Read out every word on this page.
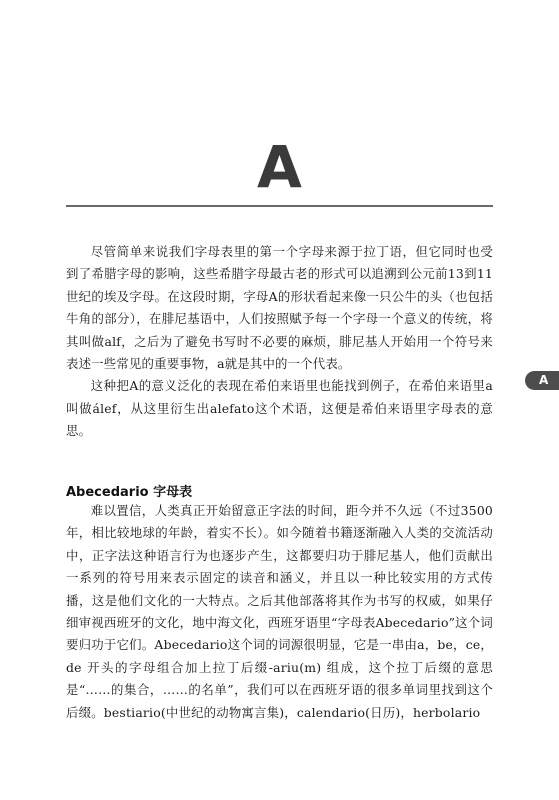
A
A

尽管简单来说我们字母表里的第一个字母来源于拉丁语，但它同时也受到了希腊字母的影响，这些希腊字母最古老的形式可以追溯到公元前13到11世纪的埃及字母。在这段时期，字母A的形状看起来像一只公牛的头（也包括牛角的部分），在腓尼基语中，人们按照赋予每一个字母一个意义的传统，将其叫做alf，之后为了避免书写时不必要的麻烦，腓尼基人开始用一个符号来表述一些常见的重要事物，a就是其中的一个代表。

这种把A的意义泛化的表现在希伯来语里也能找到例子，在希伯来语里a 叫做álef，从这里衍生出alefato这个术语，这便是希伯来语里字母表的意思。

Abecedario 字母表

难以置信，人类真正开始留意正字法的时间，距今并不久远（不过3500年，相比较地球的年龄，着实不长）。如今随着书籍逐渐融入人类的交流活动中，正字法这种语言行为也逐步产生，这都要归功于腓尼基人，他们贡献出一系列的符号用来表示固定的读音和涵义，并且以一种比较实用的方式传播，这是他们文化的一大特点。之后其他部落将其作为书写的权威，如果仔细审视西班牙的文化，地中海文化，西班牙语里“字母表Abecedario”这个词要归功于它们。Abecedario这个词的词源很明显，它是一串由a，be，ce，de 开头的字母组合加上拉丁后缀-ariu(m) 组成，这个拉丁后缀的意思是“……的集合，……的名单”，我们可以在西班牙语的很多单词里找到这个后缀。bestiario(中世纪的动物寓言集)，calendario(日历)，herbolario
